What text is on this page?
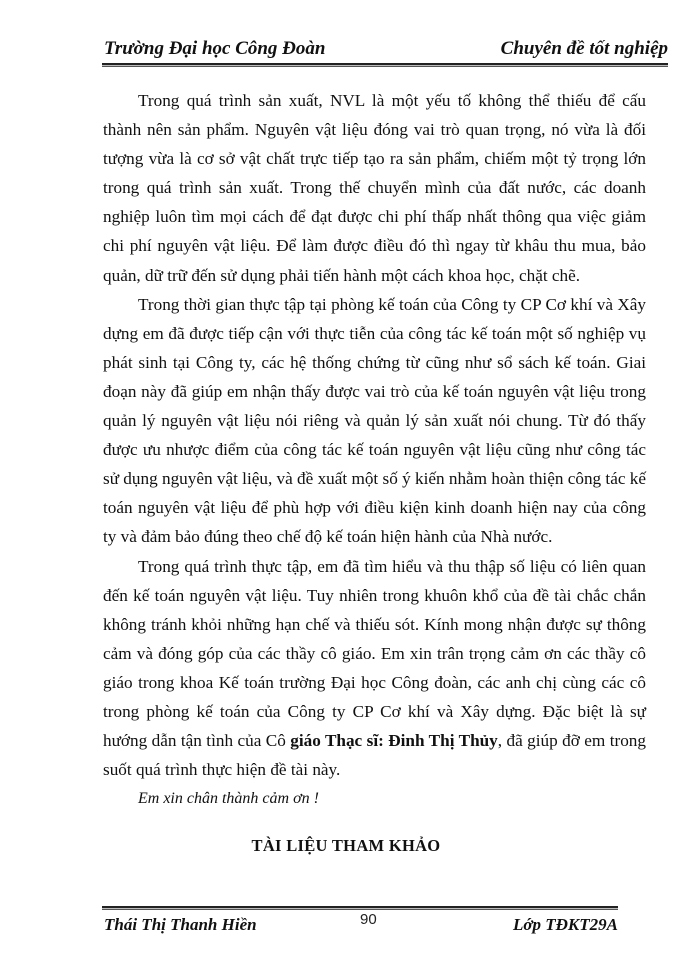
Trường Đại học Công Đoàn	Chuyên đề tốt nghiệp

Trong quá trình sản xuất, NVL là một yếu tố không thể thiếu để cấu thành nên sản phẩm. Nguyên vật liệu đóng vai trò quan trọng, nó vừa là đối tượng vừa là cơ sở vật chất trực tiếp tạo ra sản phẩm, chiếm một tỷ trọng lớn trong quá trình sản xuất. Trong thế chuyển mình của đất nước, các doanh nghiệp luôn tìm mọi cách để đạt được chi phí thấp nhất thông qua việc giảm chi phí nguyên vật liệu. Để làm được điều đó thì ngay từ khâu thu mua, bảo quản, dữ trữ đến sử dụng phải tiến hành một cách khoa học, chặt chẽ.

Trong thời gian thực tập tại phòng kế toán của Công ty CP Cơ khí và Xây dựng em đã được tiếp cận với thực tiễn của công tác kế toán một số nghiệp vụ phát sinh tại Công ty, các hệ thống chứng từ cũng như sổ sách kế toán. Giai đoạn này đã giúp em nhận thấy được vai trò của kế toán nguyên vật liệu trong quản lý nguyên vật liệu nói riêng và quản lý sản xuất nói chung. Từ đó thấy được ưu nhược điểm của công tác kế toán nguyên vật liệu cũng như công tác sử dụng nguyên vật liệu, và đề xuất một số ý kiến nhằm hoàn thiện công tác kế toán nguyên vật liệu để phù hợp với điều kiện kinh doanh hiện nay của công ty và đảm bảo đúng theo chế độ kế toán hiện hành của Nhà nước.

Trong quá trình thực tập, em đã tìm hiểu và thu thập số liệu có liên quan đến kế toán nguyên vật liệu. Tuy nhiên trong khuôn khổ của đề tài chắc chắn không tránh khỏi những hạn chế và thiếu sót. Kính mong nhận được sự thông cảm và đóng góp của các thầy cô giáo. Em xin trân trọng cảm ơn các thầy cô giáo trong khoa Kế toán trường Đại học Công đoàn, các anh chị cùng các cô trong phòng kế toán của Công ty CP Cơ khí và Xây dựng. Đặc biệt là sự hướng dẫn tận tình của Cô giáo Thạc sĩ: Đinh Thị Thủy, đã giúp đỡ em trong suốt quá trình thực hiện đề tài này.

Em xin chân thành cảm ơn !

TÀI LIỆU THAM KHẢO
Thái Thị Thanh Hiền	90	Lớp TĐKT29A
